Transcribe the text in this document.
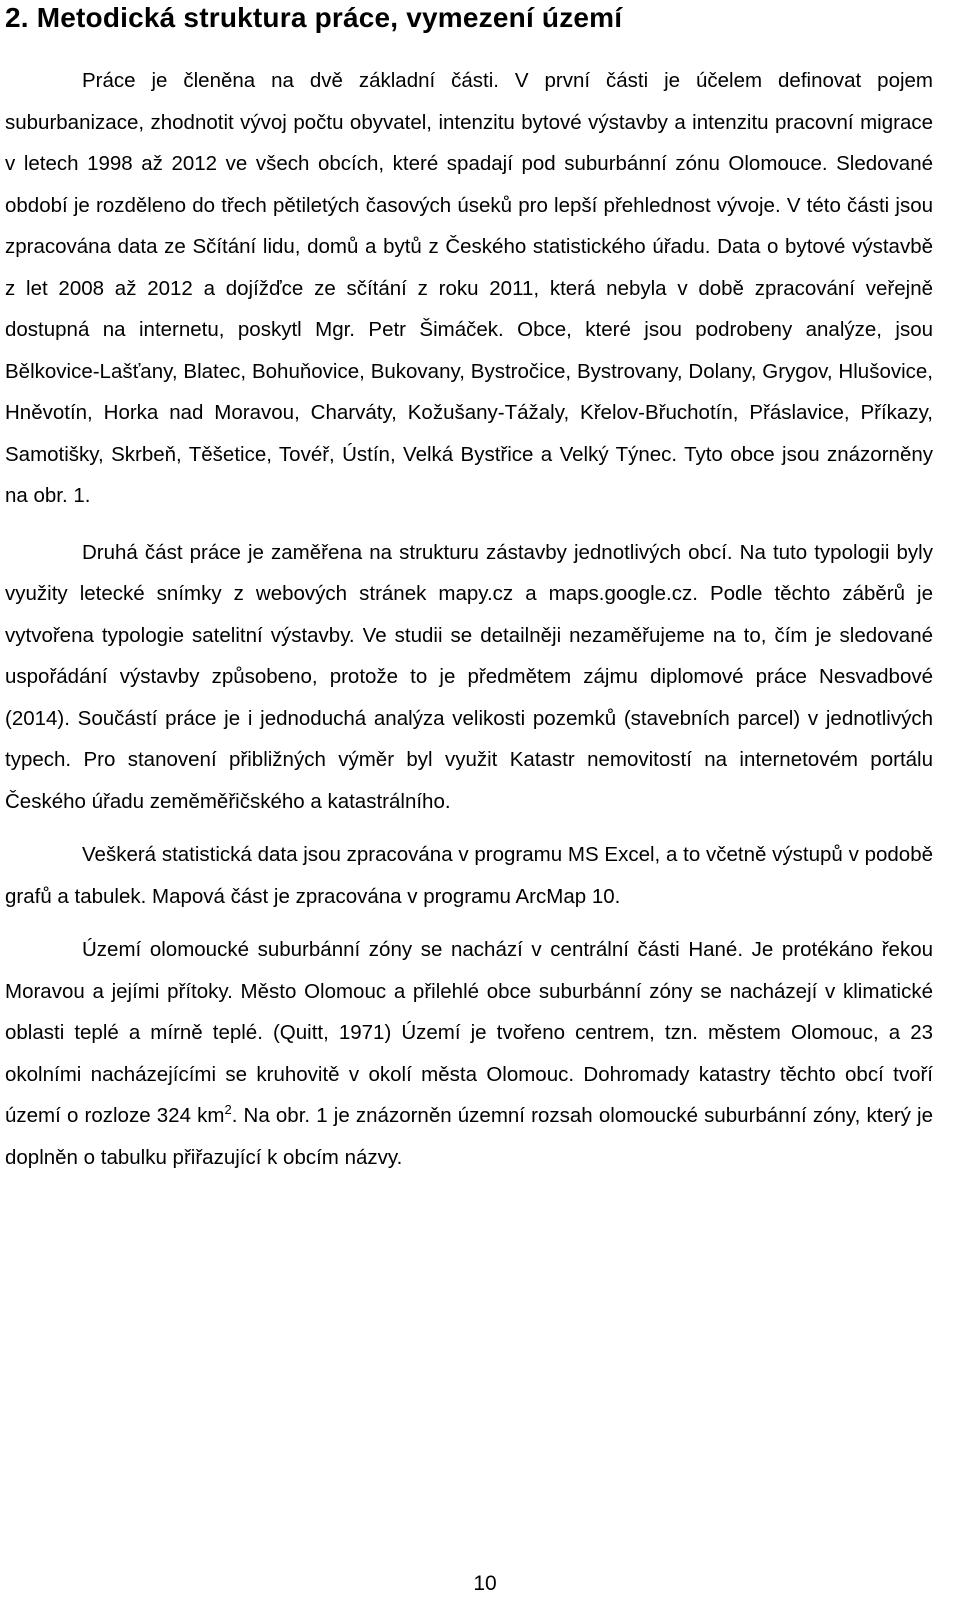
2. Metodická struktura práce, vymezení území

Práce je členěna na dvě základní části. V první části je účelem definovat pojem suburbanizace, zhodnotit vývoj počtu obyvatel, intenzitu bytové výstavby a intenzitu pracovní migrace v letech 1998 až 2012 ve všech obcích, které spadají pod suburbánní zónu Olomouce. Sledované období je rozděleno do třech pětiletých časových úseků pro lepší přehlednost vývoje. V této části jsou zpracována data ze Sčítání lidu, domů a bytů z Českého statistického úřadu. Data o bytové výstavbě z let 2008 až 2012 a dojížďce ze sčítání z roku 2011, která nebyla v době zpracování veřejně dostupná na internetu, poskytl Mgr. Petr Šimáček. Obce, které jsou podrobeny analýze, jsou Bělkovice-Lašťany, Blatec, Bohuňovice, Bukovany, Bystročice, Bystrovany, Dolany, Grygov, Hlušovice, Hněvotín, Horka nad Moravou, Charváty, Kožušany-Tážaly, Křelov-Břuchotín, Přáslavice, Příkazy, Samotišky, Skrbeň, Těšetice, Tovéř, Ústín, Velká Bystřice a Velký Týnec. Tyto obce jsou znázorněny na obr. 1.

Druhá část práce je zaměřena na strukturu zástavby jednotlivých obcí. Na tuto typologii byly využity letecké snímky z webových stránek mapy.cz a maps.google.cz. Podle těchto záběrů je vytvořena typologie satelitní výstavby. Ve studii se detailněji nezaměřujeme na to, čím je sledované uspořádání výstavby způsobeno, protože to je předmětem zájmu diplomové práce Nesvadbové (2014). Součástí práce je i jednoduchá analýza velikosti pozemků (stavebních parcel) v jednotlivých typech. Pro stanovení přibližných výměr byl využit Katastr nemovitostí na internetovém portálu Českého úřadu zeměměřičského a katastrálního.

Veškerá statistická data jsou zpracována v programu MS Excel, a to včetně výstupů v podobě grafů a tabulek. Mapová část je zpracována v programu ArcMap 10.

Území olomoucké suburbánní zóny se nachází v centrální části Hané. Je protékáno řekou Moravou a jejími přítoky. Město Olomouc a přilehlé obce suburbánní zóny se nacházejí v klimatické oblasti teplé a mírně teplé. (Quitt, 1971) Území je tvořeno centrem, tzn. městem Olomouc, a 23 okolními nacházejícími se kruhovitě v okolí města Olomouc. Dohromady katastry těchto obcí tvoří území o rozloze 324 $km^2$. Na obr. 1 je znázorněn územní rozsah olomoucké suburbánní zóny, který je doplněn o tabulku přiřazující k obcím názvy.

10
